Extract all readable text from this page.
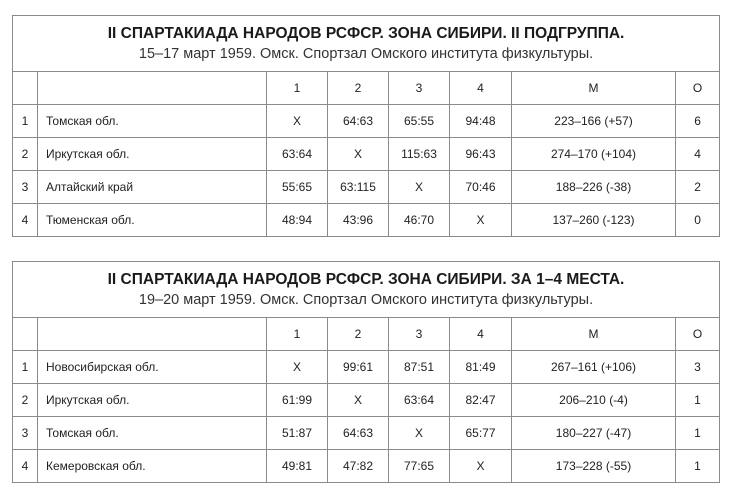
II СПАРТАКИАДА НАРОДОВ РСФСР. ЗОНА СИБИРИ. II ПОДГРУППА.
15–17 март 1959. Омск. Спортзал Омского института физкультуры.							

		1	2	3	4	М	О
1	Томская обл.	Х	64:63	65:55	94:48	223–166 (+57)	6
2	Иркутская обл.	63:64	Х	115:63	96:43	274–170 (+104)	4
3	Алтайский край	55:65	63:115	Х	70:46	188–226 (-38)	2
4	Тюменская обл.	48:94	43:96	46:70	Х	137–260 (-123)	0
II СПАРТАКИАДА НАРОДОВ РСФСР. ЗОНА СИБИРИ. ЗА 1–4 МЕСТА.
19–20 март 1959. Омск. Спортзал Омского института физкультуры.							

		1	2	3	4	М	О
1	Новосибирская обл.	Х	99:61	87:51	81:49	267–161 (+106)	3
2	Иркутская обл.	61:99	Х	63:64	82:47	206–210 (-4)	1
3	Томская обл.	51:87	64:63	Х	65:77	180–227 (-47)	1
4	Кемеровская обл.	49:81	47:82	77:65	Х	173–228 (-55)	1
